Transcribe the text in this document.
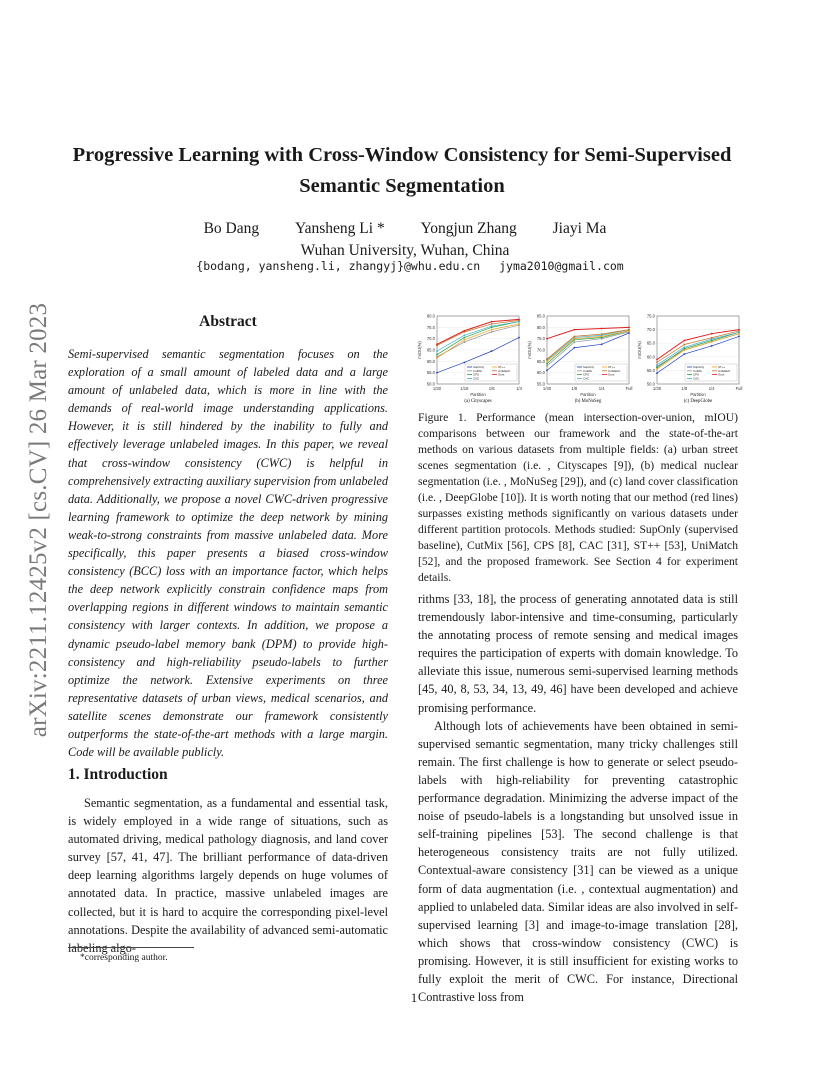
arXiv:2211.12425v2 [cs.CV] 26 Mar 2023
Progressive Learning with Cross-Window Consistency for Semi-Supervised Semantic Segmentation
Bo Dang Yansheng Li * Yongjun Zhang Jiayi Ma
Wuhan University, Wuhan, China
{bodang, yansheng.li, zhangyj}@whu.edu.cn jyma2010@gmail.com
Abstract
Semi-supervised semantic segmentation focuses on the exploration of a small amount of labeled data and a large amount of unlabeled data, which is more in line with the demands of real-world image understanding applications. However, it is still hindered by the inability to fully and effectively leverage unlabeled images. In this paper, we reveal that cross-window consistency (CWC) is helpful in comprehensively extracting auxiliary supervision from unlabeled data. Additionally, we propose a novel CWC-driven progressive learning framework to optimize the deep network by mining weak-to-strong constraints from massive unlabeled data. More specifically, this paper presents a biased cross-window consistency (BCC) loss with an importance factor, which helps the deep network explicitly constrain confidence maps from overlapping regions in different windows to maintain semantic consistency with larger contexts. In addition, we propose a dynamic pseudo-label memory bank (DPM) to provide high-consistency and high-reliability pseudo-labels to further optimize the network. Extensive experiments on three representative datasets of urban views, medical scenarios, and satellite scenes demonstrate our framework consistently outperforms the state-of-the-art methods with a large margin. Code will be available publicly.
1. Introduction

Semantic segmentation, as a fundamental and essential task, is widely employed in a wide range of situations, such as automated driving, medical pathology diagnosis, and land cover survey [57, 41, 47]. The brilliant performance of data-driven deep learning algorithms largely depends on huge volumes of annotated data. In practice, massive unlabeled images are collected, but it is hard to acquire the corresponding pixel-level annotations. Despite the availability of advanced semi-automatic labeling algo-

*corresponding author.
50.0
55.0
60.0
65.0
70.0
75.0
80.0
1/30	1/16	1/8	1/4
Partition
mIOU(%)
(a) Cityscapes
SupOnly
CutMix
CPS
CAC
ST++
UniMatch
Ours
55.0
60.0
65.0
70.0
75.0
80.0
85.0
1/30	1/8	1/4	Full
Partition
mIOU(%)
(b) MoNuSeg
SupOnly
CutMix
CPS
CAC
ST++
UniMatch
Ours
50.0
55.0
60.0
65.0
70.0
75.0
1/30	1/8	1/4	Full
Partition
mIOU(%)
(c) DeepGlobe
SupOnly
CutMix
CPS
CAC
ST++
UniMatch
Ours
Figure 1. Performance (mean intersection-over-union, mIOU) comparisons between our framework and the state-of-the-art methods on various datasets from multiple fields: (a) urban street scenes segmentation (i.e. , Cityscapes [9]), (b) medical nuclear segmentation (i.e. , MoNuSeg [29]), and (c) land cover classification (i.e. , DeepGlobe [10]). It is worth noting that our method (red lines) surpasses existing methods significantly on various datasets under different partition protocols. Methods studied: SupOnly (supervised baseline), CutMix [56], CPS [8], CAC [31], ST++ [53], UniMatch [52], and the proposed framework. See Section 4 for experiment details.

rithms [33, 18], the process of generating annotated data is still tremendously labor-intensive and time-consuming, particularly the annotating process of remote sensing and medical images requires the participation of experts with domain knowledge. To alleviate this issue, numerous semi-supervised learning methods [45, 40, 8, 53, 34, 13, 49, 46] have been developed and achieve promising performance.

Although lots of achievements have been obtained in semi-supervised semantic segmentation, many tricky challenges still remain. The first challenge is how to generate or select pseudo-labels with high-reliability for preventing catastrophic performance degradation. Minimizing the adverse impact of the noise of pseudo-labels is a longstanding but unsolved issue in self-training pipelines [53]. The second challenge is that heterogeneous consistency traits are not fully utilized. Contextual-aware consistency [31] can be viewed as a unique form of data augmentation (i.e. , contextual augmentation) and applied to unlabeled data. Similar ideas are also involved in self-supervised learning [3] and image-to-image translation [28], which shows that cross-window consistency (CWC) is promising. However, it is still insufficient for existing works to fully exploit the merit of CWC. For instance, Directional Contrastive loss from

1
